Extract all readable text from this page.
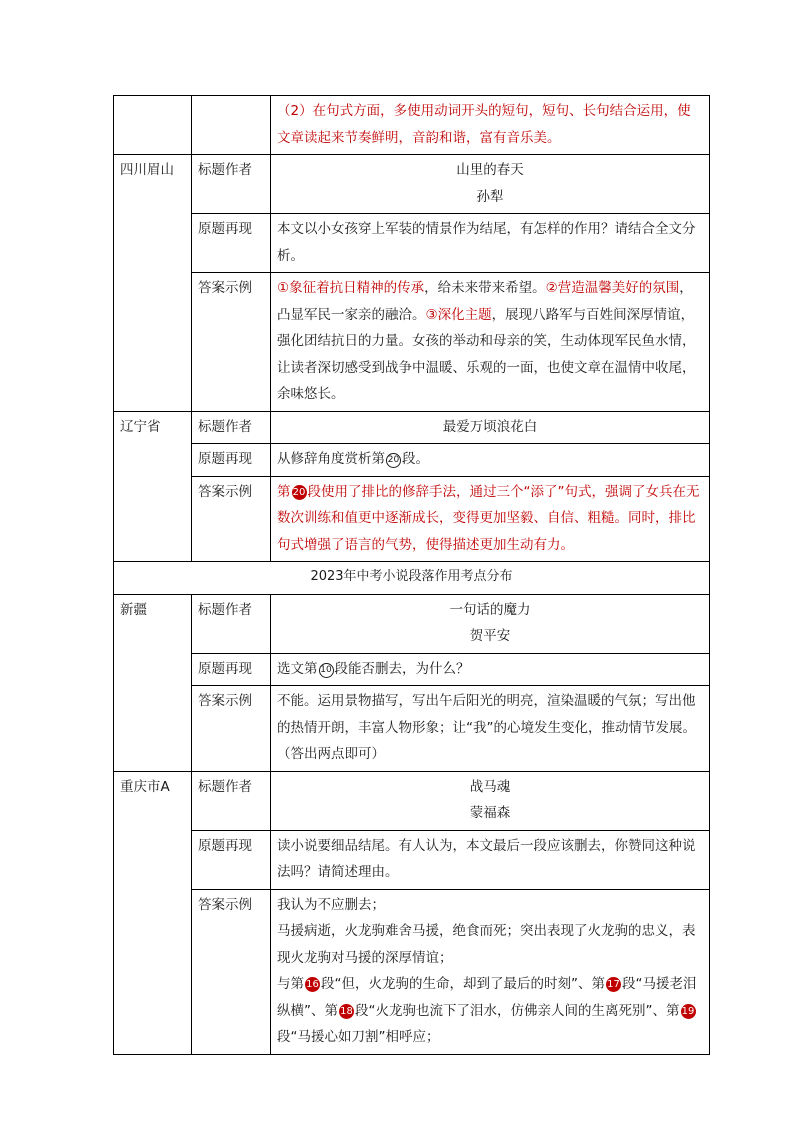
		（2）在句式方面，多使用动词开头的短句，短句、长句结合运用，使文章读起来节奏鲜明，音韵和谐，富有音乐美。
四川眉山	标题作者	山里的春天
孙犁

	原题再现	本文以小女孩穿上军装的情景作为结尾，有怎样的作用？请结合全文分析。
	答案示例	①象征着抗日精神的传承，给未来带来希望。②营造温馨美好的氛围，凸显军民一家亲的融洽。③深化主题，展现八路军与百姓间深厚情谊，强化团结抗日的力量。女孩的举动和母亲的笑，生动体现军民鱼水情，让读者深切感受到战争中温暖、乐观的一面，也使文章在温情中收尾，余味悠长。
辽宁省	标题作者	最爱万顷浪花白
	原题再现	从修辞角度赏析第 20 段。
	答案示例	第 20 段使用了排比的修辞手法，通过三个“添了”句式，强调了女兵在无数次训练和值更中逐渐成长，变得更加坚毅、自信、粗糙。同时，排比句式增强了语言的气势，使得描述更加生动有力。
2023年中考小说段落作用考点分布		
新疆	标题作者	一句话的魔力
贺平安

	原题再现	选文第 10 段能否删去，为什么？
	答案示例	不能。运用景物描写，写出午后阳光的明亮，渲染温暖的气氛；写出他的热情开朗，丰富人物形象；让“我”的心境发生变化，推动情节发展。（答出两点即可）
重庆市A	标题作者	战马魂
蒙福森

	原题再现	读小说要细品结尾。有人认为，本文最后一段应该删去，你赞同这种说法吗？请简述理由。
	答案示例	我认为不应删去；
马援病逝，火龙驹难舍马援，绝食而死；突出表现了火龙驹的忠义，表现火龙驹对马援的深厚情谊；
与第 16 段“但，火龙驹的生命，却到了最后的时刻”、第 17 段“马援老泪纵横”、第 18 段“火龙驹也流下了泪水，仿佛亲人间的生离死别”、第 19段“马援心如刀割”相呼应；
